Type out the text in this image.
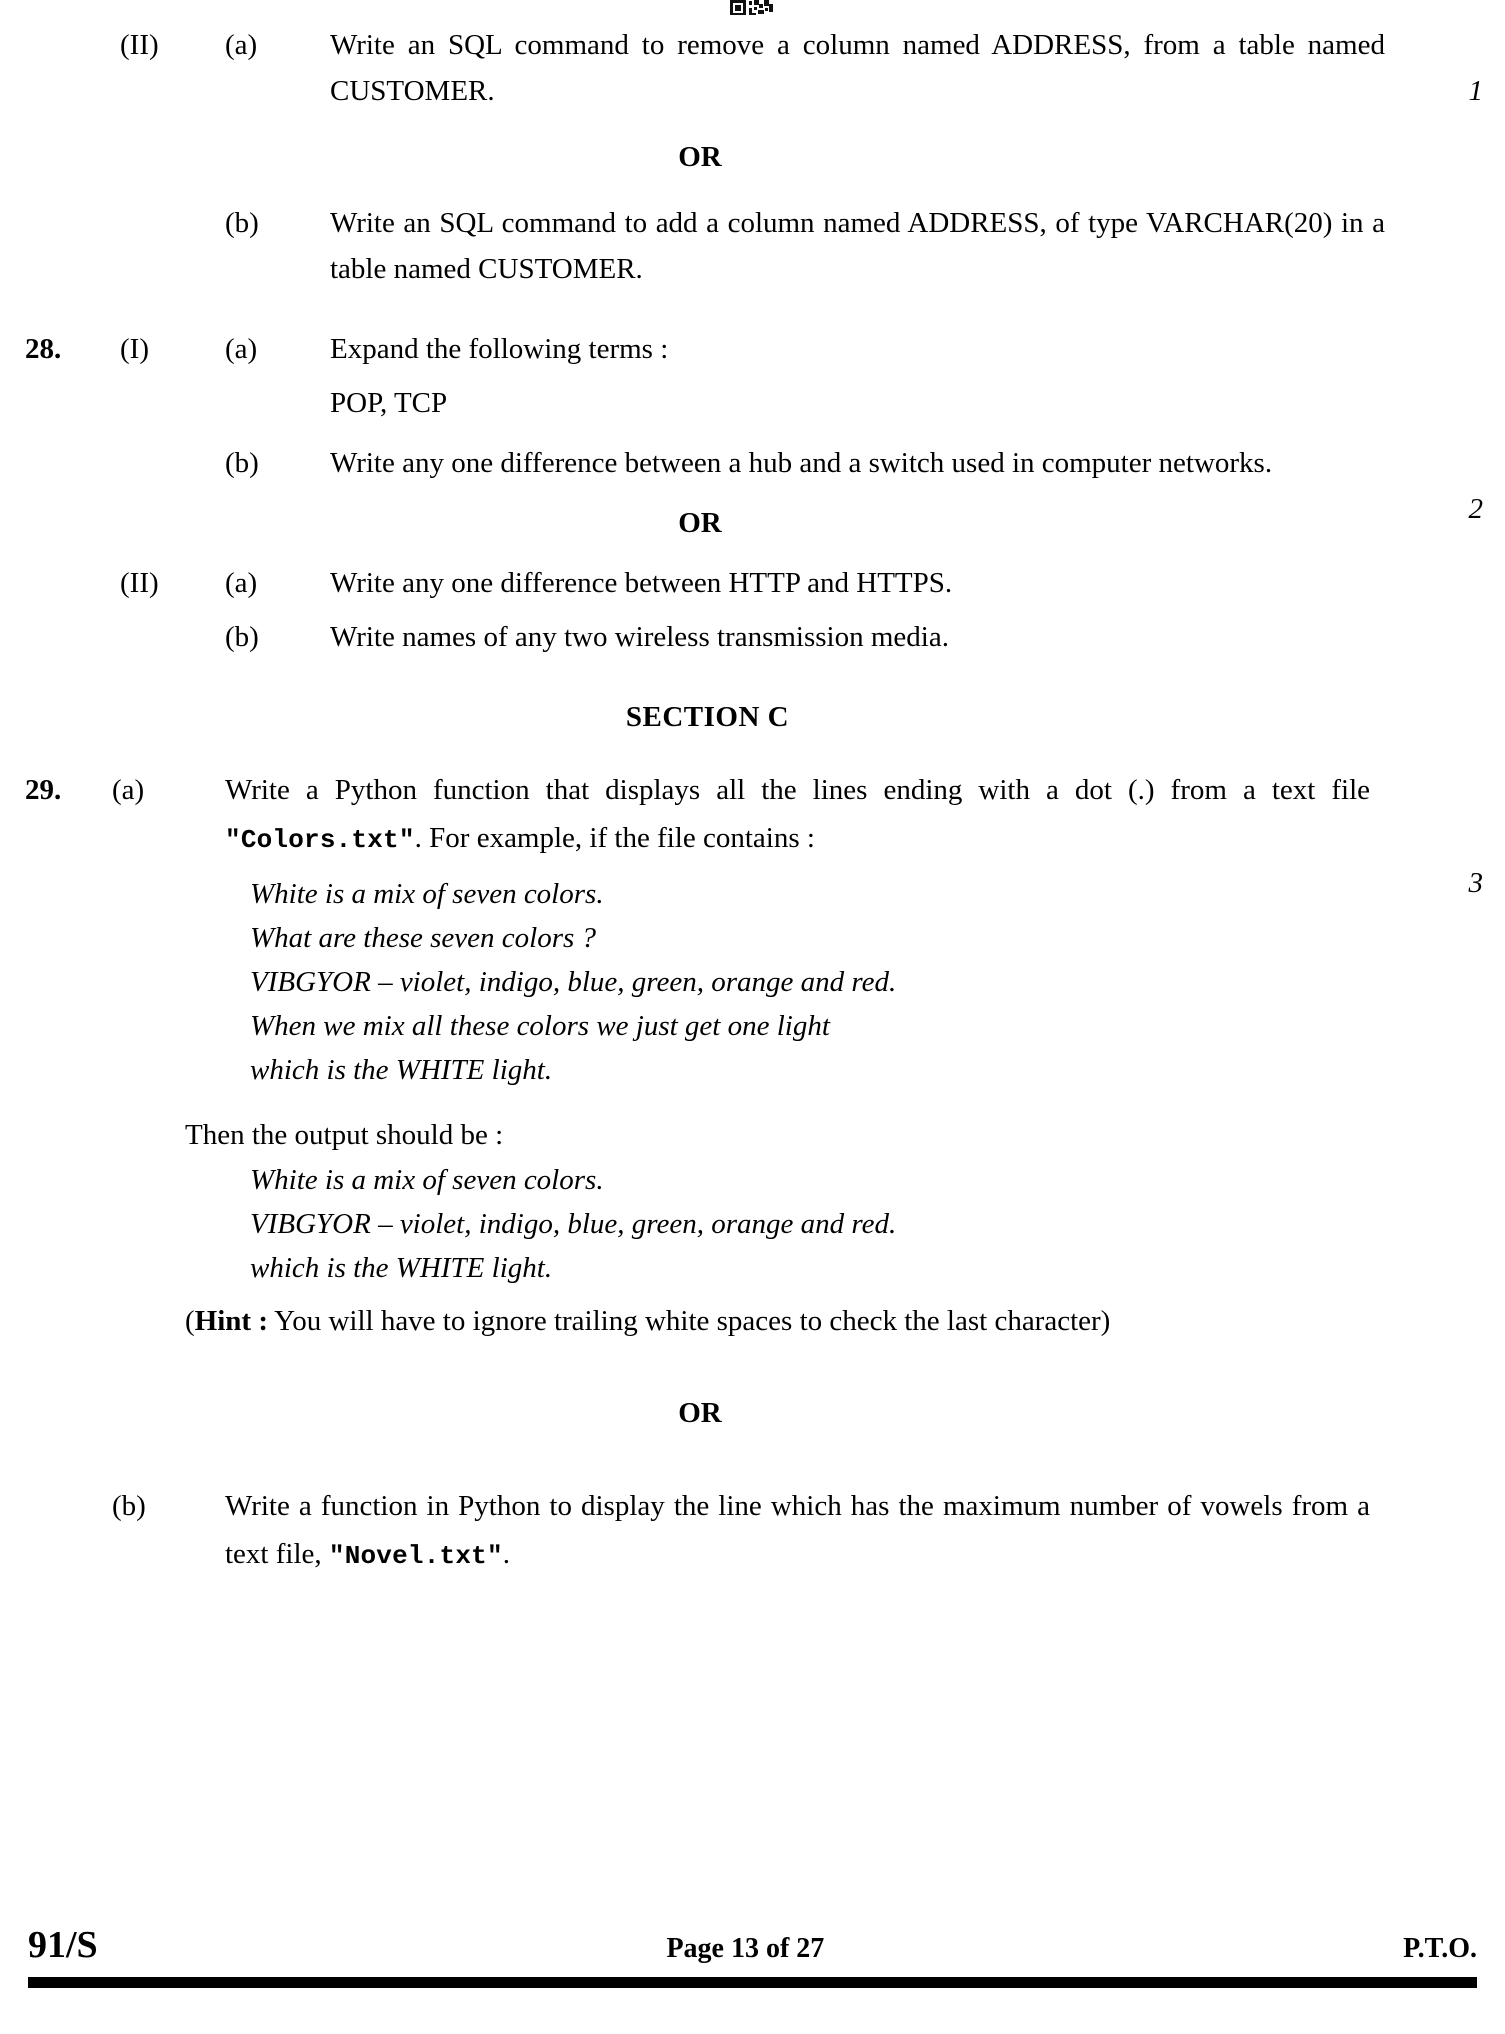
(II)	(a)	Write an SQL command to remove a column named ADDRESS, from a table named CUSTOMER.	1
OR
(b)	Write an SQL command to add a column named ADDRESS, of type VARCHAR(20) in a table named CUSTOMER.
28.	(I)	(a)	Expand the following terms :
POP, TCP
(b)	Write any one difference between a hub and a switch used in computer networks.
2
OR
(II)	(a)	Write any one difference between HTTP and HTTPS.
(b)	Write names of any two wireless transmission media.
SECTION C
29.	(a)	Write a Python function that displays all the lines ending with a dot (.) from a text file "Colors.txt". For example, if the file contains :
3
White is a mix of seven colors.
What are these seven colors ?
VIBGYOR – violet, indigo, blue, green, orange and red.
When we mix all these colors we just get one light
which is the WHITE light.
Then the output should be :
White is a mix of seven colors.
VIBGYOR – violet, indigo, blue, green, orange and red.
which is the WHITE light.
(Hint : You will have to ignore trailing white spaces to check the last character)
OR
(b)	Write a function in Python to display the line which has the maximum number of vowels from a text file, "Novel.txt".
91/S	Page 13 of 27	P.T.O.
